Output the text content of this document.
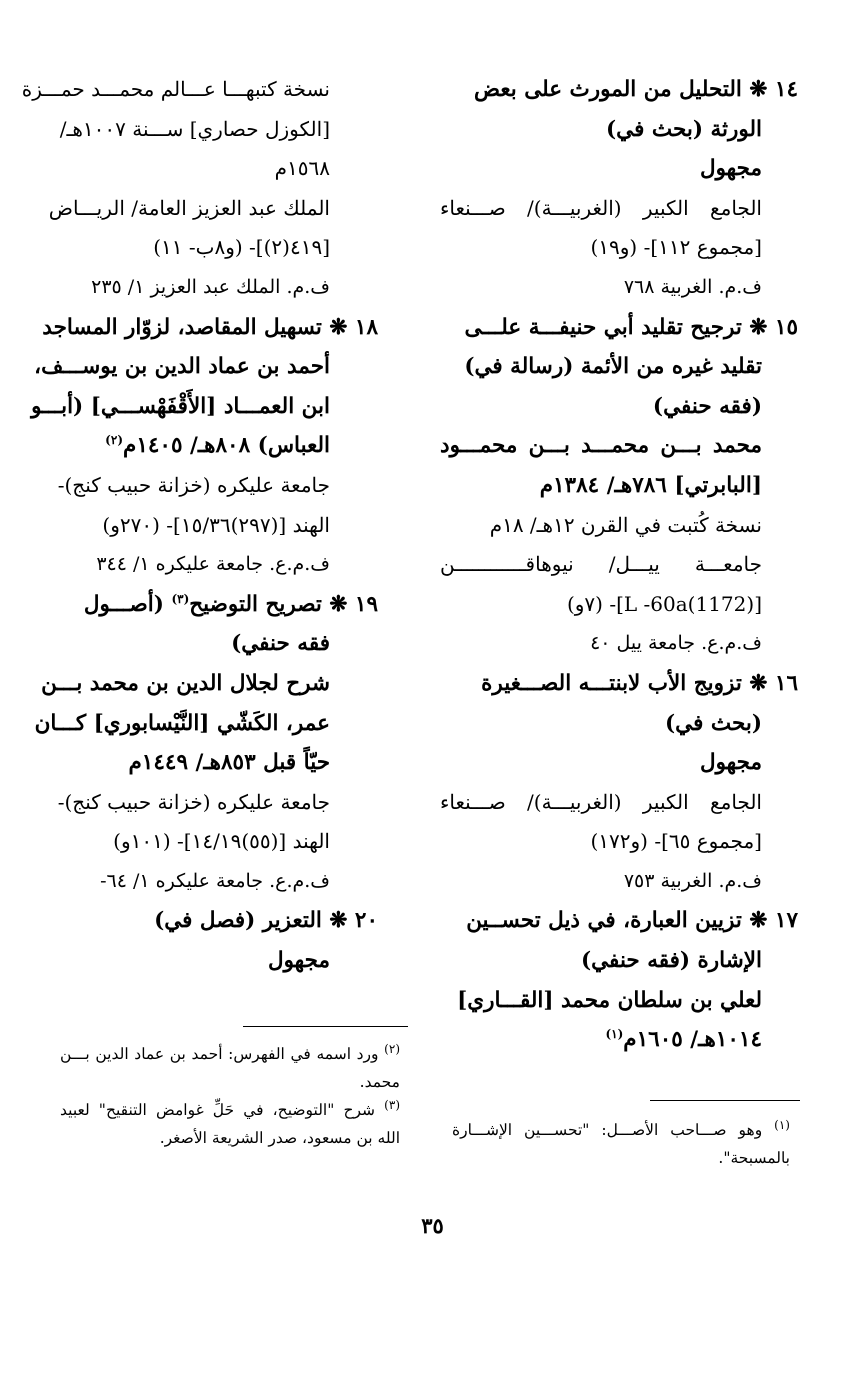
١٤ ❋ التحليل من المورث على بعض
الورثة (بحث في)
مجهول
الجامع الكبير (الغربيـــة)/ صـــنعاء
[مجموع ١١٢]- (و١٩)
ف.م. الغربية ٧٦٨
١٥ ❋ ترجيح تقليد أبي حنيفـــة علـــى
تقليد غيره من الأئمة (رسالة في)
(فقه حنفي)
محمد بـــن محمـــد بـــن محمـــود
[البابرتي] ٧٨٦هـ/ ١٣٨٤م
نسخة كُتبت في القرن ١٢هـ/ ١٨م
جامعـــة ييـــل/ نيوهاقــــــــــــن
[(1172)L -60a]- (٧و)
ف.م.ع. جامعة ييل ٤٠
١٦ ❋ تزويج الأب لابنتـــه الصـــغيرة
(بحث في)
مجهول
الجامع الكبير (الغربيـــة)/ صـــنعاء
[مجموع ٦٥]- (و١٧٢)
ف.م. الغربية ٧٥٣
١٧ ❋ تزيين العبارة، في ذيل تحســين
الإشارة (فقه حنفي)
لعلي بن سلطان محمد [القـــاري]
١٠١٤هـ/ ١٦٠٥م$^{(١)}$
نسخة كتبهـــا عـــالم محمـــد حمـــزة
[الكوزل حصاري] ســـنة ١٠٠٧هـ/
١٥٦٨م
الملك عبد العزيز العامة/ الريـــاض
[٤١٩(٢)]- (و٨ب- ١١)
ف.م. الملك عبد العزيز ١/ ٢٣٥
١٨ ❋ تسهيل المقاصد، لزوّار المساجد
أحمد بن عماد الدين بن يوســـف،
ابن العمـــاد [الأَقْفَهْســـي] (أبـــو
العباس) ٨٠٨هـ/ ١٤٠٥م$^{(٢)}$
جامعة عليكره (خزانة حبيب كنج)-
الهند [(٢٩٧)١٥/٣٦]- (٢٧٠و)
ف.م.ع. جامعة عليكره ١/ ٣٤٤
١٩ ❋ تصريح التوضيح$^{(٣)}$ (أصـــول
فقه حنفي)
شرح لجلال الدين بن محمد بـــن
عمر، الكَشّي [النَّيْسابوري] كـــان
حيّاً قبل ٨٥٣هـ/ ١٤٤٩م
جامعة عليكره (خزانة حبيب كنج)-
الهند [(٥٥)١٤/١٩]- (١٠١و)
ف.م.ع. جامعة عليكره ١/ ٦٤-
٢٠ ❋ التعزير (فصل في)
مجهول
$^{(١)}$ وهو صـــاحب الأصـــل: "تحســـين الإشـــارة
بالمسبحة".
$^{(٢)}$ ورد اسمه في الفهرس: أحمد بن عماد الدين بـــن
محمد.
$^{(٣)}$ شرح "التوضيح، في حَلِّ غوامض التنقيح" لعبيد
الله بن مسعود، صدر الشريعة الأصغر.
٣٥
